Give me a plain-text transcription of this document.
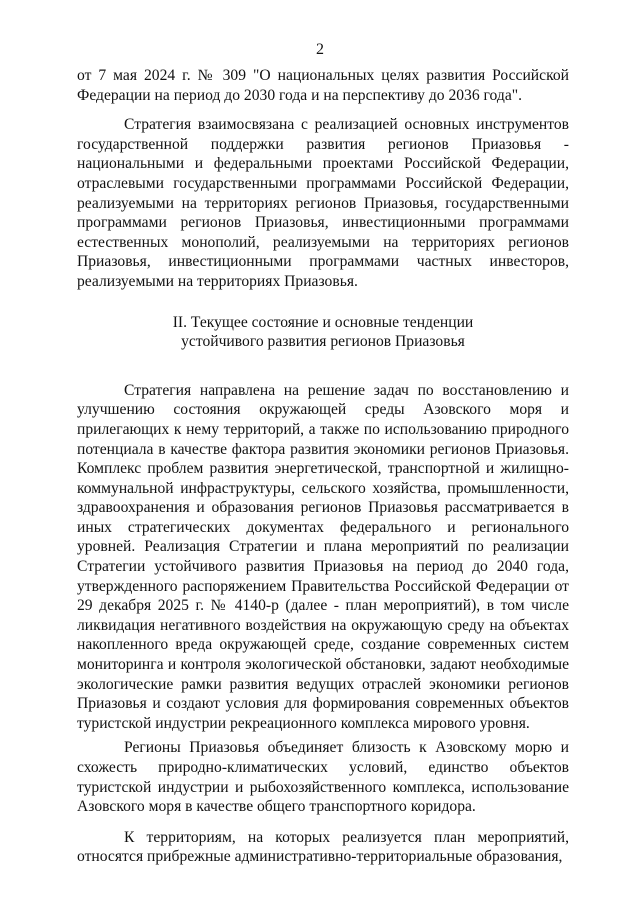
2

от 7 мая 2024 г. № 309 "О национальных целях развития Российской Федерации на период до 2030 года и на перспективу до 2036 года".

Стратегия взаимосвязана с реализацией основных инструментов государственной поддержки развития регионов Приазовья - национальными и федеральными проектами Российской Федерации, отраслевыми государственными программами Российской Федерации, реализуемыми на территориях регионов Приазовья, государственными программами регионов Приазовья, инвестиционными программами естественных монополий, реализуемыми на территориях регионов Приазовья, инвестиционными программами частных инвесторов, реализуемыми на территориях Приазовья.

II. Текущее состояние и основные тенденции
устойчивого развития регионов Приазовья

Стратегия направлена на решение задач по восстановлению и улучшению состояния окружающей среды Азовского моря и прилегающих к нему территорий, а также по использованию природного потенциала в качестве фактора развития экономики регионов Приазовья. Комплекс проблем развития энергетической, транспортной и жилищно-коммунальной инфраструктуры, сельского хозяйства, промышленности, здравоохранения и образования регионов Приазовья рассматривается в иных стратегических документах федерального и регионального уровней. Реализация Стратегии и плана мероприятий по реализации Стратегии устойчивого развития Приазовья на период до 2040 года, утвержденного распоряжением Правительства Российской Федерации от 29 декабря 2025 г. № 4140-р (далее - план мероприятий), в том числе ликвидация негативного воздействия на окружающую среду на объектах накопленного вреда окружающей среде, создание современных систем мониторинга и контроля экологической обстановки, задают необходимые экологические рамки развития ведущих отраслей экономики регионов Приазовья и создают условия для формирования современных объектов туристской индустрии рекреационного комплекса мирового уровня.

Регионы Приазовья объединяет близость к Азовскому морю и схожесть природно-климатических условий, единство объектов туристской индустрии и рыбохозяйственного комплекса, использование Азовского моря в качестве общего транспортного коридора.

К территориям, на которых реализуется план мероприятий, относятся прибрежные административно-территориальные образования,
